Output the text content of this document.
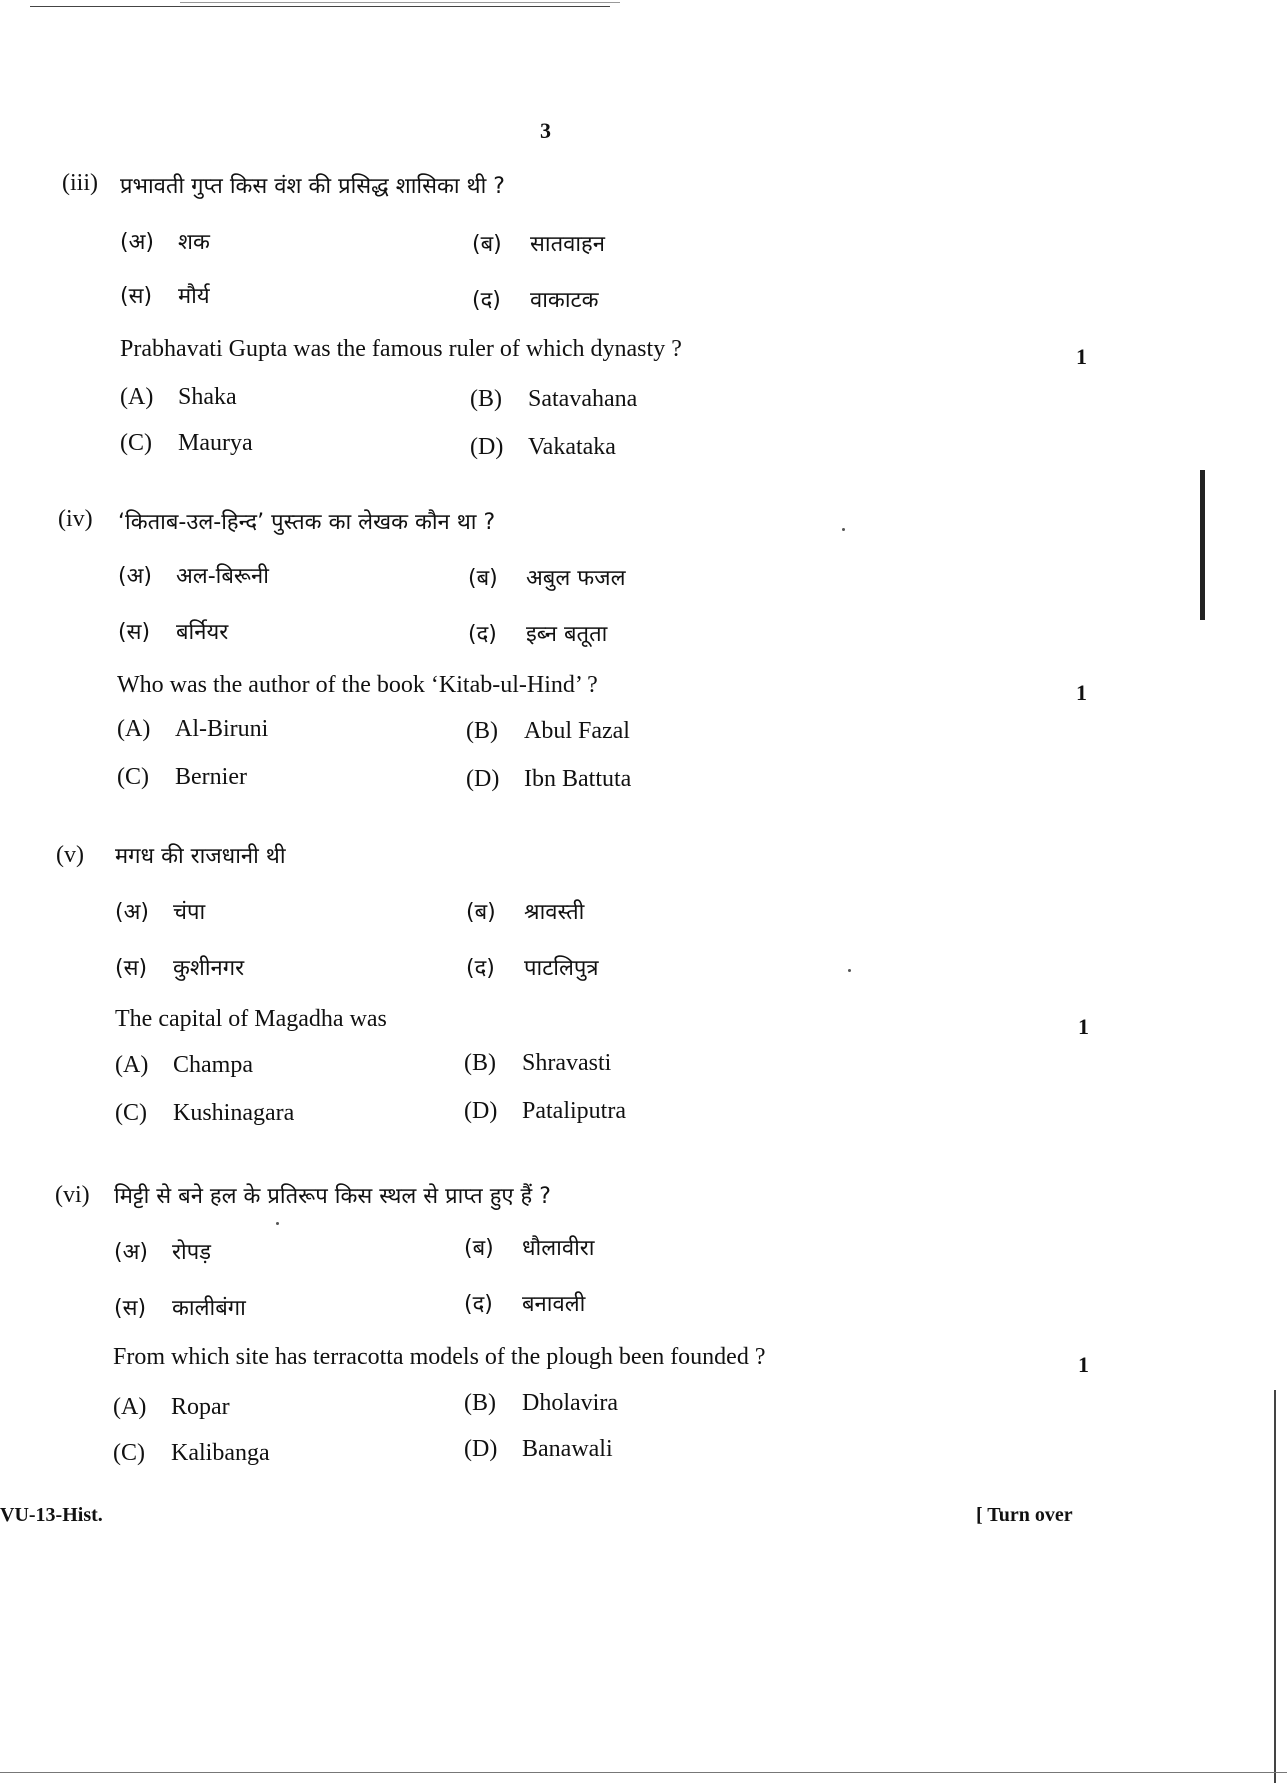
3
(iii) प्रभावती गुप्त किस वंश की प्रसिद्ध शासिका थी ?
(अ) शक	(ब) सातवाहन
(स) मौर्य	(द) वाकाटक
Prabhavati Gupta was the famous ruler of which dynasty ?	1
(A) Shaka	(B) Satavahana
(C) Maurya	(D) Vakataka
(iv) ‘किताब-उल-हिन्द’ पुस्तक का लेखक कौन था ?
(अ) अल-बिरूनी	(ब) अबुल फजल
(स) बर्नियर	(द) इब्न बतूता
Who was the author of the book ‘Kitab-ul-Hind’ ?	1
(A) Al-Biruni	(B) Abul Fazal
(C) Bernier	(D) Ibn Battuta
(v) मगध की राजधानी थी
(अ) चंपा	(ब) श्रावस्ती
(स) कुशीनगर	(द) पाटलिपुत्र
The capital of Magadha was	1
(A) Champa	(B) Shravasti
(C) Kushinagara	(D) Pataliputra
(vi) मिट्टी से बने हल के प्रतिरूप किस स्थल से प्राप्त हुए हैं ?
(अ) रोपड़	(ब) धौलावीरा
(स) कालीबंगा	(द) बनावली
From which site has terracotta models of the plough been founded ?	1
(A) Ropar	(B) Dholavira
(C) Kalibanga	(D) Banawali
VU-13-Hist.	[ Turn over
